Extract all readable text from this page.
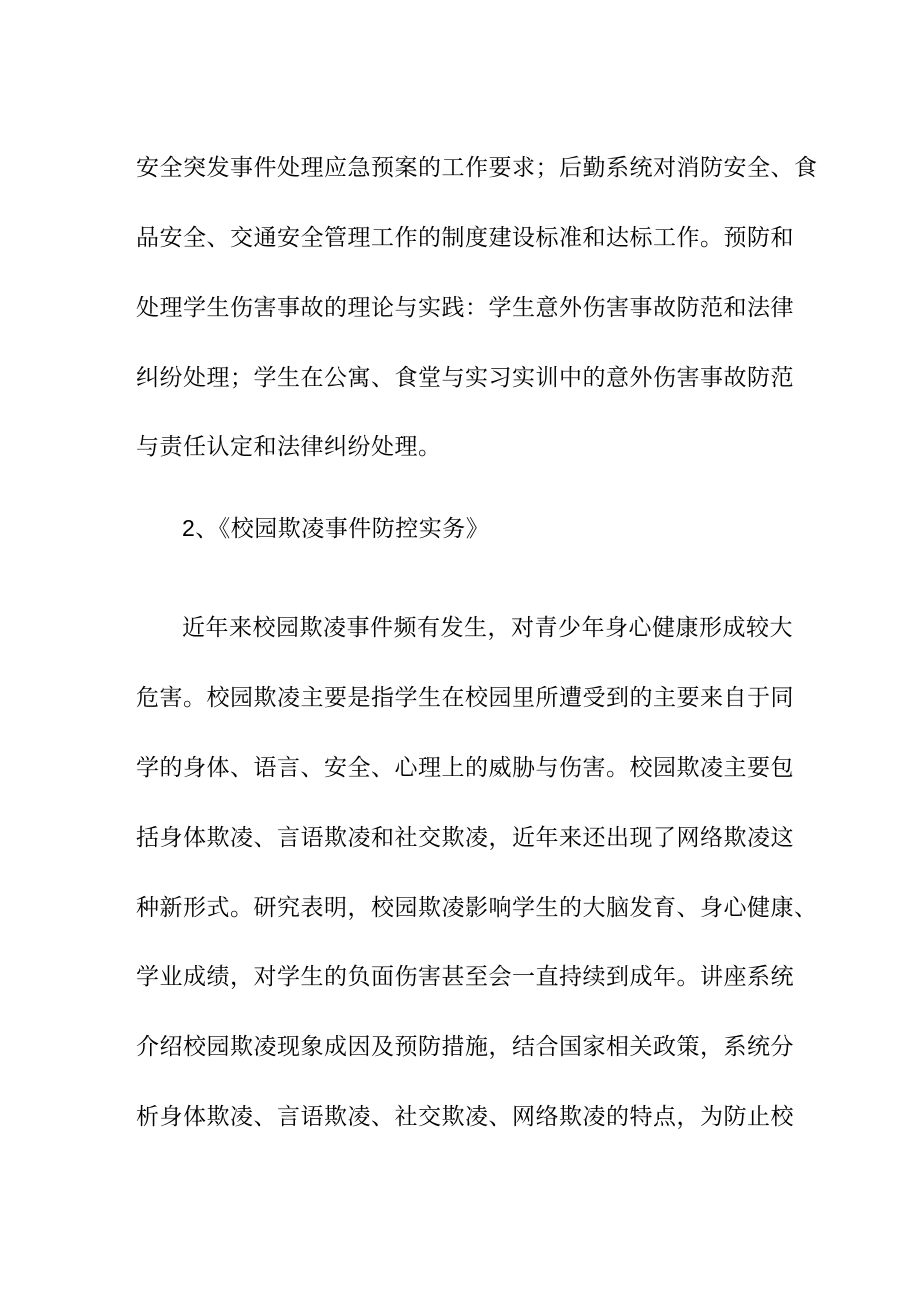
安全突发事件处理应急预案的工作要求；后勤系统对消防安全、食
品安全、交通安全管理工作的制度建设标准和达标工作。预防和
处理学生伤害事故的理论与实践：学生意外伤害事故防范和法律
纠纷处理；学生在公寓、食堂与实习实训中的意外伤害事故防范
与责任认定和法律纠纷处理。
2、《校园欺凌事件防控实务》
近年来校园欺凌事件频有发生，对青少年身心健康形成较大
危害。校园欺凌主要是指学生在校园里所遭受到的主要来自于同
学的身体、语言、安全、心理上的威胁与伤害。校园欺凌主要包
括身体欺凌、言语欺凌和社交欺凌，近年来还出现了网络欺凌这
种新形式。研究表明，校园欺凌影响学生的大脑发育、身心健康、
学业成绩，对学生的负面伤害甚至会一直持续到成年。讲座系统
介绍校园欺凌现象成因及预防措施，结合国家相关政策，系统分
析身体欺凌、言语欺凌、社交欺凌、网络欺凌的特点，为防止校
